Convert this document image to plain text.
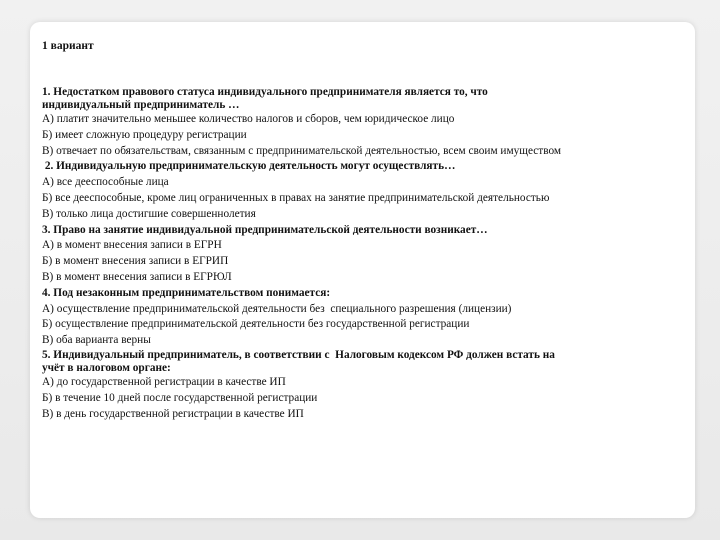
1 вариант
1. Недостатком правового статуса индивидуального предпринимателя является то, что
индивидуальный предприниматель …
А) платит значительно меньшее количество налогов и сборов, чем юридическое лицо
Б) имеет сложную процедуру регистрации
В) отвечает по обязательствам, связанным с предпринимательской деятельностью, всем своим имуществом
2. Индивидуальную предпринимательскую деятельность могут осуществлять…
А) все дееспособные лица
Б) все дееспособные, кроме лиц ограниченных в правах на занятие предпринимательской деятельностью
В) только лица достигшие совершеннолетия
3. Право на занятие индивидуальной предпринимательской деятельности возникает…
А) в момент внесения записи в ЕГРН
Б) в момент внесения записи в ЕГРИП
В) в момент внесения записи в ЕГРЮЛ
4. Под незаконным предпринимательством понимается:
А) осуществление предпринимательской деятельности без  специального разрешения (лицензии)
Б) осуществление предпринимательской деятельности без государственной регистрации
В) оба варианта верны
5. Индивидуальный предприниматель, в соответствии с  Налоговым кодексом РФ должен встать на
учёт в налоговом органе:
А) до государственной регистрации в качестве ИП
Б) в течение 10 дней после государственной регистрации
В) в день государственной регистрации в качестве ИП
